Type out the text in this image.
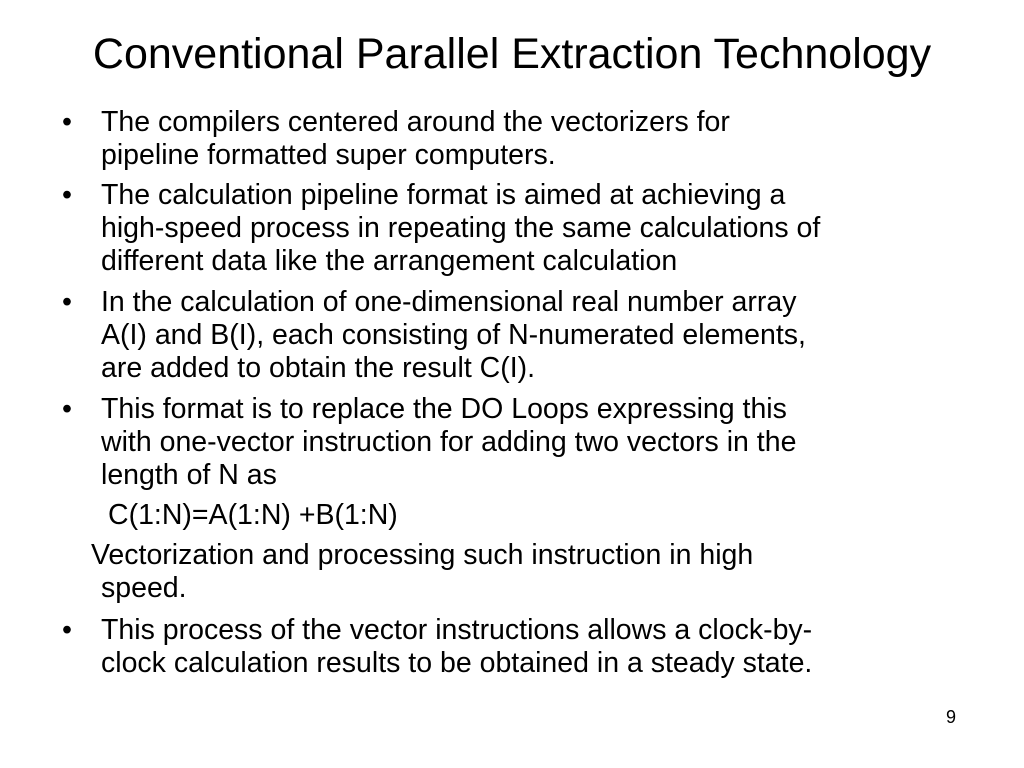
Conventional Parallel Extraction Technology
• The compilers centered around the vectorizers for
pipeline formatted super computers.
• The calculation pipeline format is aimed at achieving a
high-speed process in repeating the same calculations of
different data like the arrangement calculation
• In the calculation of one-dimensional real number array
A(I) and B(I), each consisting of N-numerated elements,
are added to obtain the result C(I).
• This format is to replace the DO Loops expressing this
with one-vector instruction for adding two vectors in the
length of N as
C(1:N)=A(1:N) +B(1:N)
Vectorization and processing such instruction in high
speed.
• This process of the vector instructions allows a clock-by-
clock calculation results to be obtained in a steady state.
9
